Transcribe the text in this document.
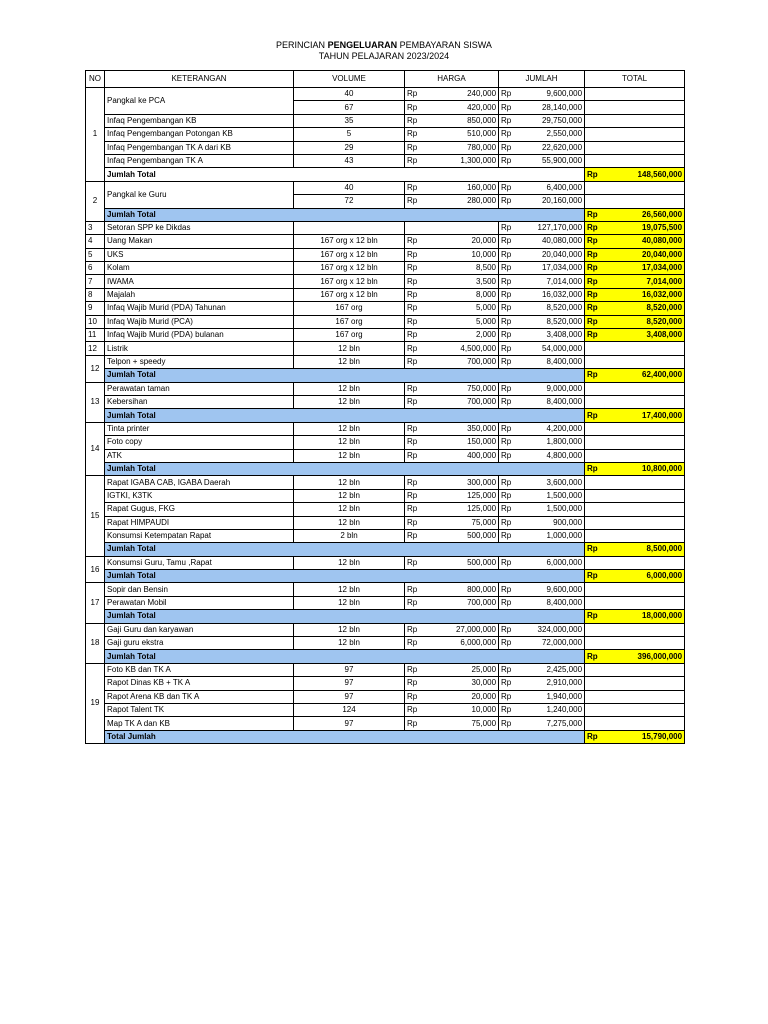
PERINCIAN PENGELUARAN PEMBAYARAN SISWA
TAHUN PELAJARAN 2023/2024
NO	KETERANGAN	VOLUME	HARGA		JUMLAH		TOTAL	
1	Pangkal ke PCA	40	Rp	240,000	Rp	9,600,000		
		67	Rp	420,000	Rp	28,140,000		
	Infaq Pengembangan KB	35	Rp	850,000	Rp	29,750,000		
	Infaq Pengembangan Potongan KB	5	Rp	510,000	Rp	2,550,000		
	Infaq Pengembangan TK A dari KB	29	Rp	780,000	Rp	22,620,000		
	Infaq Pengembangan TK A	43	Rp	1,300,000	Rp	55,900,000		
	Jumlah Total						Rp	148,560,000
2	Pangkal ke Guru	40	Rp	160,000	Rp	6,400,000		
		72	Rp	280,000	Rp	20,160,000		
	Jumlah Total						Rp	26,560,000
3	Setoran SPP ke Dikdas				Rp	127,170,000	Rp	19,075,500
4	Uang Makan	167 org x 12 bln	Rp	20,000	Rp	40,080,000	Rp	40,080,000
5	UKS	167 org x 12 bln	Rp	10,000	Rp	20,040,000	Rp	20,040,000
6	Kolam	167 org x 12 bln	Rp	8,500	Rp	17,034,000	Rp	17,034,000
7	IWAMA	167 org x 12 bln	Rp	3,500	Rp	7,014,000	Rp	7,014,000
8	Majalah	167 org x 12 bln	Rp	8,000	Rp	16,032,000	Rp	16,032,000
9	Infaq Wajib Murid (PDA) Tahunan	167 org	Rp	5,000	Rp	8,520,000	Rp	8,520,000
10	Infaq Wajib Murid (PCA)	167 org	Rp	5,000	Rp	8,520,000	Rp	8,520,000
11	Infaq Wajib Murid (PDA) bulanan	167 org	Rp	2,000	Rp	3,408,000	Rp	3,408,000
12	Listrik	12 bln	Rp	4,500,000	Rp	54,000,000		
12	Telpon + speedy	12 bln	Rp	700,000	Rp	8,400,000		
	Jumlah Total						Rp	62,400,000
13	Perawatan taman	12 bln	Rp	750,000	Rp	9,000,000		
	Kebersihan	12 bln	Rp	700,000	Rp	8,400,000		
	Jumlah Total						Rp	17,400,000
14	Tinta printer	12 bln	Rp	350,000	Rp	4,200,000		
	Foto copy	12 bln	Rp	150,000	Rp	1,800,000		
	ATK	12 bln	Rp	400,000	Rp	4,800,000		
	Jumlah Total						Rp	10,800,000
15	Rapat IGABA CAB, IGABA Daerah	12 bln	Rp	300,000	Rp	3,600,000		
	IGTKI, K3TK	12 bln	Rp	125,000	Rp	1,500,000		
	Rapat Gugus, FKG	12 bln	Rp	125,000	Rp	1,500,000		
	Rapat HIMPAUDI	12 bln	Rp	75,000	Rp	900,000		
	Konsumsi Ketempatan Rapat	2 bln	Rp	500,000	Rp	1,000,000		
	Jumlah Total						Rp	8,500,000
16	Konsumsi Guru, Tamu ,Rapat	12 bln	Rp	500,000	Rp	6,000,000		
	Jumlah Total						Rp	6,000,000
17	Sopir dan Bensin	12 bln	Rp	800,000	Rp	9,600,000		
	Perawatan Mobil	12 bln	Rp	700,000	Rp	8,400,000		
	Jumlah Total						Rp	18,000,000
18	Gaji Guru dan karyawan	12 bln	Rp	27,000,000	Rp	324,000,000		
	Gaji guru ekstra	12 bln	Rp	6,000,000	Rp	72,000,000		
	Jumlah Total						Rp	396,000,000
19	Foto KB dan TK A	97	Rp	25,000	Rp	2,425,000		
	Rapot Dinas KB + TK A	97	Rp	30,000	Rp	2,910,000		
	Rapot Arena KB dan TK A	97	Rp	20,000	Rp	1,940,000		
	Rapot Talent TK	124	Rp	10,000	Rp	1,240,000		
	Map TK A dan KB	97	Rp	75,000	Rp	7,275,000		
	Total Jumlah						Rp	15,790,000
